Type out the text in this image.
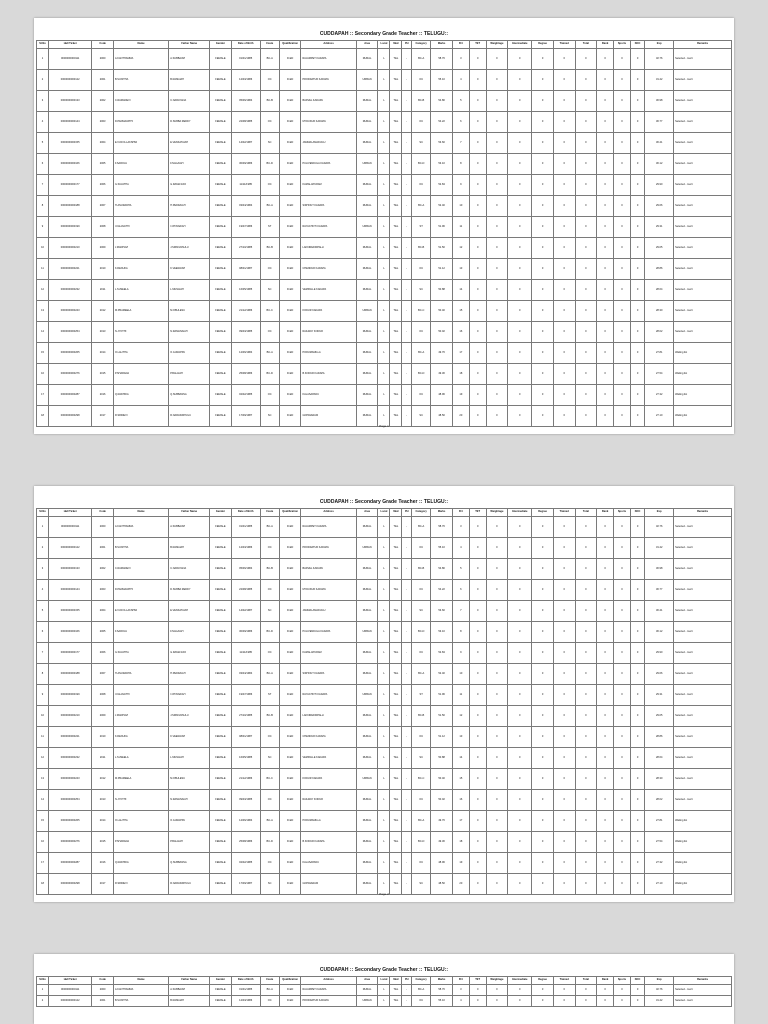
CUDDAPAH :: Secondary Grade Teacher :: TELUGU::
Sl.No	Hall Ticket	Code	Name	Father Name	Gender	Date of Birth	Caste	Qualification	Address	Area	Local	Med	PH	Category	Marks	Pct	TET	Weightage	Intermediate	Degree	Trained	Total	Rank	Sports	NCC	Exp	Remarks
1	0000000000111	2000	A.KANTHAMMA	A.SUBBAIAH	FEMALE	01/01/1985	BC-A	D.ED	RAJAMPET KADAPA	RURAL	L	TEL	-	BC-A	58.76	3	0	0	0	0	0	0	0	0	0	32.76	Selected - merit
2	0000000000122	2001	B.SUNITHA	B.RAMAIAH	FEMALE	12/03/1986	OC	D.ED	PRODDATUR KADAPA	URBAN	L	TEL	-	OC	55.10	4	0	0	0	0	0	0	0	0	0	31.42	Selected - merit
3	0000000000133	2002	C.RAMADEVI	C.NARAYANA	FEMALE	05/06/1984	BC-B	D.ED	BADVEL KADAPA	RURAL	L	TEL	-	BC-B	54.80	5	0	0	0	0	0	0	0	0	0	30.98	Selected - merit
4	0000000000144	2003	D.PADMAVATHI	D.SUBBA REDDY	FEMALE	22/08/1985	OC	D.ED	MYDUKUR KADAPA	RURAL	L	TEL	-	OC	54.22	6	0	0	0	0	0	0	0	0	0	30.77	Selected - merit
5	0000000000155	2004	E.VIJAYA LAKSHMI	E.VENKATAIAH	FEMALE	14/02/1987	SC	D.ED	JAMMALAMADUGU	RURAL	L	TEL	-	SC	53.60	7	0	0	0	0	0	0	0	0	0	30.41	Selected - merit
6	0000000000166	2005	F.SAROJA	F.NAGAIAH	FEMALE	30/09/1986	BC-D	D.ED	PULIVENDULA KADAPA	URBAN	L	TEL	-	BC-D	53.10	8	0	0	0	0	0	0	0	0	0	30.12	Selected - merit
7	0000000000177	2006	G.SUJATHA	G.RAMA RAO	FEMALE	11/11/1985	OC	D.ED	KAMALAPURAM	RURAL	L	TEL	-	OC	52.84	9	0	0	0	0	0	0	0	0	0	29.90	Selected - merit
8	0000000000188	2007	H.ANURADHA	H.PEDDAIAH	FEMALE	03/04/1984	BC-A	D.ED	SIDHOUT KADAPA	RURAL	L	TEL	-	BC-A	52.40	10	0	0	0	0	0	0	0	0	0	29.66	Selected - merit
9	0000000000199	2008	I.KALAVATHI	I.CHINNAIAH	FEMALE	19/07/1986	ST	D.ED	RAYACHOTI KADAPA	URBAN	L	TEL	-	ST	51.96	11	0	0	0	0	0	0	0	0	0	29.31	Selected - merit
10	0000000000210	2009	J.MADHAVI	J.SRINIVASULU	FEMALE	27/10/1985	BC-B	D.ED	LAKKIREDDIPALLI	RURAL	L	TEL	-	BC-B	51.50	12	0	0	0	0	0	0	0	0	0	29.05	Selected - merit
11	0000000000221	2010	K.RENUKA	K.VEERAIAH	FEMALE	08/01/1987	OC	D.ED	CHENNUR KADAPA	RURAL	L	TEL	-	OC	51.12	13	0	0	0	0	0	0	0	0	0	28.86	Selected - merit
12	0000000000232	2011	L.SUSEELA	L.MUNAIAH	FEMALE	16/05/1985	SC	D.ED	VEMPALLE KADAPA	RURAL	L	TEL	-	SC	50.88	14	0	0	0	0	0	0	0	0	0	28.64	Selected - merit
13	0000000000243	2012	M.PRAMEELA	M.OBULESU	FEMALE	21/12/1986	BC-C	D.ED	KODUR KADAPA	URBAN	L	TEL	-	BC-C	50.40	15	0	0	0	0	0	0	0	0	0	28.30	Selected - merit
14	0000000000254	2013	N.JYOTHI	N.RAMANAIAH	FEMALE	09/03/1985	OC	D.ED	RAILWAY KODUR	RURAL	L	TEL	-	OC	50.02	16	0	0	0	0	0	0	0	0	0	28.02	Selected - merit
15	0000000000265	2014	O.LALITHA	O.GURAPPA	FEMALE	12/06/1984	BC-A	D.ED	PORUMAMILLA	RURAL	L	TEL	-	BC-A	49.76	17	0	0	0	0	0	0	0	0	0	27.81	Waiting list
16	0000000000276	2015	P.SHARADA	P.BALAIAH	FEMALE	25/08/1986	BC-D	D.ED	B.KODUR KADAPA	RURAL	L	TEL	-	BC-D	49.30	18	0	0	0	0	0	0	0	0	0	27.54	Waiting list
17	0000000000287	2016	Q.RADHIKA	Q.SUBBANNA	FEMALE	02/02/1985	OC	D.ED	KALASAPADU	RURAL	L	TEL	-	OC	48.96	19	0	0	0	0	0	0	0	0	0	27.32	Waiting list
18	0000000000298	2017	R.SRIDEVI	R.NARASIMHULU	FEMALE	17/09/1987	SC	D.ED	GOPAVARAM	RURAL	L	TEL	-	SC	48.50	20	0	0	0	0	0	0	0	0	0	27.10	Waiting list
Page 1
CUDDAPAH :: Secondary Grade Teacher :: TELUGU::
Sl.No	Hall Ticket	Code	Name	Father Name	Gender	Date of Birth	Caste	Qualification	Address	Area	Local	Med	PH	Category	Marks	Pct	TET	Weightage	Intermediate	Degree	Trained	Total	Rank	Sports	NCC	Exp	Remarks
1	0000000000111	2000	A.KANTHAMMA	A.SUBBAIAH	FEMALE	01/01/1985	BC-A	D.ED	RAJAMPET KADAPA	RURAL	L	TEL	-	BC-A	58.76	3	0	0	0	0	0	0	0	0	0	32.76	Selected - merit
2	0000000000122	2001	B.SUNITHA	B.RAMAIAH	FEMALE	12/03/1986	OC	D.ED	PRODDATUR KADAPA	URBAN	L	TEL	-	OC	55.10	4	0	0	0	0	0	0	0	0	0	31.42	Selected - merit
3	0000000000133	2002	C.RAMADEVI	C.NARAYANA	FEMALE	05/06/1984	BC-B	D.ED	BADVEL KADAPA	RURAL	L	TEL	-	BC-B	54.80	5	0	0	0	0	0	0	0	0	0	30.98	Selected - merit
4	0000000000144	2003	D.PADMAVATHI	D.SUBBA REDDY	FEMALE	22/08/1985	OC	D.ED	MYDUKUR KADAPA	RURAL	L	TEL	-	OC	54.22	6	0	0	0	0	0	0	0	0	0	30.77	Selected - merit
5	0000000000155	2004	E.VIJAYA LAKSHMI	E.VENKATAIAH	FEMALE	14/02/1987	SC	D.ED	JAMMALAMADUGU	RURAL	L	TEL	-	SC	53.60	7	0	0	0	0	0	0	0	0	0	30.41	Selected - merit
6	0000000000166	2005	F.SAROJA	F.NAGAIAH	FEMALE	30/09/1986	BC-D	D.ED	PULIVENDULA KADAPA	URBAN	L	TEL	-	BC-D	53.10	8	0	0	0	0	0	0	0	0	0	30.12	Selected - merit
7	0000000000177	2006	G.SUJATHA	G.RAMA RAO	FEMALE	11/11/1985	OC	D.ED	KAMALAPURAM	RURAL	L	TEL	-	OC	52.84	9	0	0	0	0	0	0	0	0	0	29.90	Selected - merit
8	0000000000188	2007	H.ANURADHA	H.PEDDAIAH	FEMALE	03/04/1984	BC-A	D.ED	SIDHOUT KADAPA	RURAL	L	TEL	-	BC-A	52.40	10	0	0	0	0	0	0	0	0	0	29.66	Selected - merit
9	0000000000199	2008	I.KALAVATHI	I.CHINNAIAH	FEMALE	19/07/1986	ST	D.ED	RAYACHOTI KADAPA	URBAN	L	TEL	-	ST	51.96	11	0	0	0	0	0	0	0	0	0	29.31	Selected - merit
10	0000000000210	2009	J.MADHAVI	J.SRINIVASULU	FEMALE	27/10/1985	BC-B	D.ED	LAKKIREDDIPALLI	RURAL	L	TEL	-	BC-B	51.50	12	0	0	0	0	0	0	0	0	0	29.05	Selected - merit
11	0000000000221	2010	K.RENUKA	K.VEERAIAH	FEMALE	08/01/1987	OC	D.ED	CHENNUR KADAPA	RURAL	L	TEL	-	OC	51.12	13	0	0	0	0	0	0	0	0	0	28.86	Selected - merit
12	0000000000232	2011	L.SUSEELA	L.MUNAIAH	FEMALE	16/05/1985	SC	D.ED	VEMPALLE KADAPA	RURAL	L	TEL	-	SC	50.88	14	0	0	0	0	0	0	0	0	0	28.64	Selected - merit
13	0000000000243	2012	M.PRAMEELA	M.OBULESU	FEMALE	21/12/1986	BC-C	D.ED	KODUR KADAPA	URBAN	L	TEL	-	BC-C	50.40	15	0	0	0	0	0	0	0	0	0	28.30	Selected - merit
14	0000000000254	2013	N.JYOTHI	N.RAMANAIAH	FEMALE	09/03/1985	OC	D.ED	RAILWAY KODUR	RURAL	L	TEL	-	OC	50.02	16	0	0	0	0	0	0	0	0	0	28.02	Selected - merit
15	0000000000265	2014	O.LALITHA	O.GURAPPA	FEMALE	12/06/1984	BC-A	D.ED	PORUMAMILLA	RURAL	L	TEL	-	BC-A	49.76	17	0	0	0	0	0	0	0	0	0	27.81	Waiting list
16	0000000000276	2015	P.SHARADA	P.BALAIAH	FEMALE	25/08/1986	BC-D	D.ED	B.KODUR KADAPA	RURAL	L	TEL	-	BC-D	49.30	18	0	0	0	0	0	0	0	0	0	27.54	Waiting list
17	0000000000287	2016	Q.RADHIKA	Q.SUBBANNA	FEMALE	02/02/1985	OC	D.ED	KALASAPADU	RURAL	L	TEL	-	OC	48.96	19	0	0	0	0	0	0	0	0	0	27.32	Waiting list
18	0000000000298	2017	R.SRIDEVI	R.NARASIMHULU	FEMALE	17/09/1987	SC	D.ED	GOPAVARAM	RURAL	L	TEL	-	SC	48.50	20	0	0	0	0	0	0	0	0	0	27.10	Waiting list
Page 2
CUDDAPAH :: Secondary Grade Teacher :: TELUGU::
Sl.No	Hall Ticket	Code	Name	Father Name	Gender	Date of Birth	Caste	Qualification	Address	Area	Local	Med	PH	Category	Marks	Pct	TET	Weightage	Intermediate	Degree	Trained	Total	Rank	Sports	NCC	Exp	Remarks
1	0000000000111	2000	A.KANTHAMMA	A.SUBBAIAH	FEMALE	01/01/1985	BC-A	D.ED	RAJAMPET KADAPA	RURAL	L	TEL	-	BC-A	58.76	3	0	0	0	0	0	0	0	0	0	32.76	Selected - merit
2	0000000000122	2001	B.SUNITHA	B.RAMAIAH	FEMALE	12/03/1986	OC	D.ED	PRODDATUR KADAPA	URBAN	L	TEL	-	OC	55.10	4	0	0	0	0	0	0	0	0	0	31.42	Selected - merit
